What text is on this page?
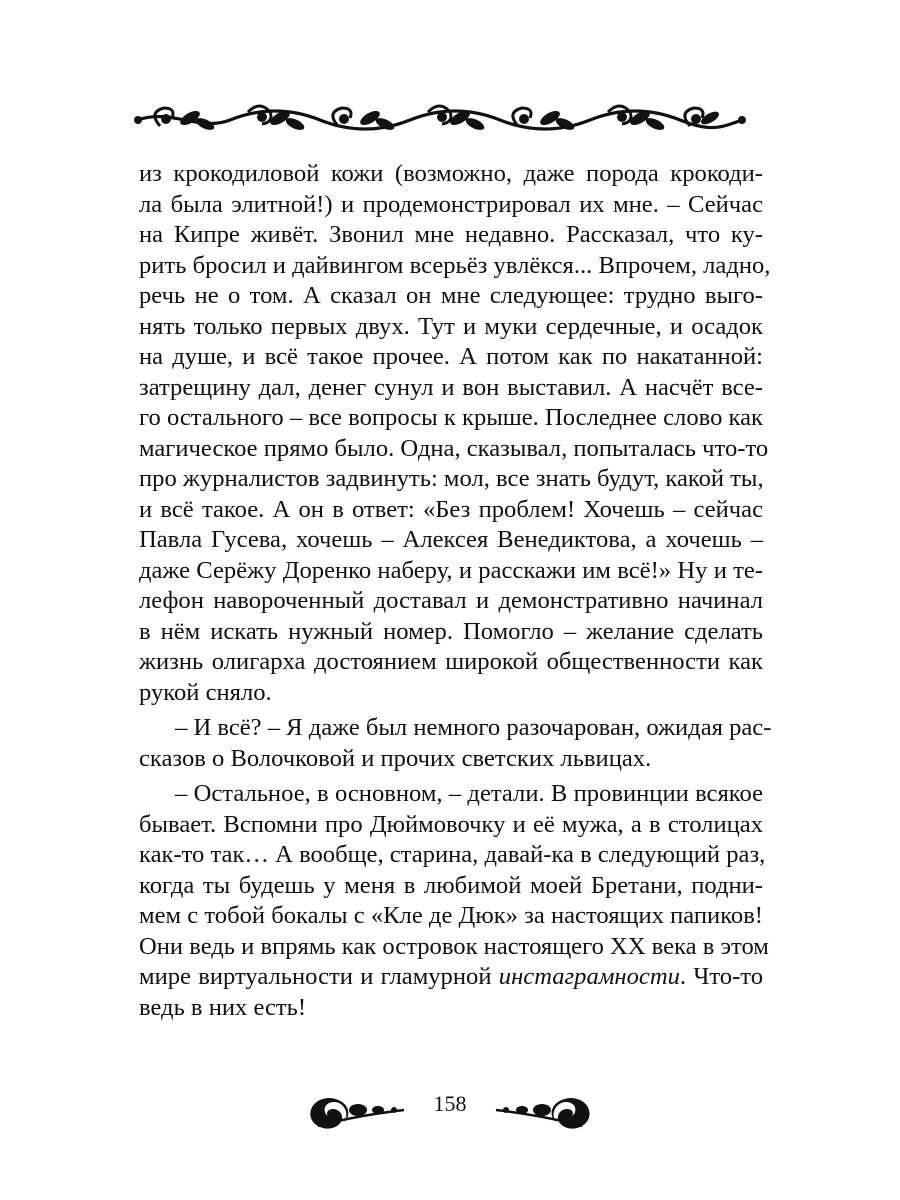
из крокодиловой кожи (возможно, даже порода крокоди-
ла была элитной!) и продемонстрировал их мне. – Сейчас
на Кипре живёт. Звонил мне недавно. Рассказал, что ку-
рить бросил и дайвингом всерьёз увлёкся... Впрочем, ладно,
речь не о том. А сказал он мне следующее: трудно выго-
нять только первых двух. Тут и муки сердечные, и осадок
на душе, и всё такое прочее. А потом как по накатанной:
затрещину дал, денег сунул и вон выставил. А насчёт все-
го остального – все вопросы к крыше. Последнее слово как
магическое прямо было. Одна, сказывал, попыталась что-то
про журналистов задвинуть: мол, все знать будут, какой ты,
и всё такое. А он в ответ: «Без проблем! Хочешь – сейчас
Павла Гусева, хочешь – Алексея Венедиктова, а хочешь –
даже Серёжу Доренко наберу, и расскажи им всё!» Ну и те-
лефон навороченный доставал и демонстративно начинал
в нём искать нужный номер. Помогло – желание сделать
жизнь олигарха достоянием широкой общественности как
рукой сняло.
– И всё? – Я даже был немного разочарован, ожидая рас-
сказов о Волочковой и прочих светских львицах.
– Остальное, в основном, – детали. В провинции всякое
бывает. Вспомни про Дюймовочку и её мужа, а в столицах
как-то так… А вообще, старина, давай-ка в следующий раз,
когда ты будешь у меня в любимой моей Бретани, подни-
мем с тобой бокалы с «Кле де Дюк» за настоящих папиков!
Они ведь и впрямь как островок настоящего XX века в этом
мире виртуальности и гламурной инстаграмности. Что-то
ведь в них есть!
158
